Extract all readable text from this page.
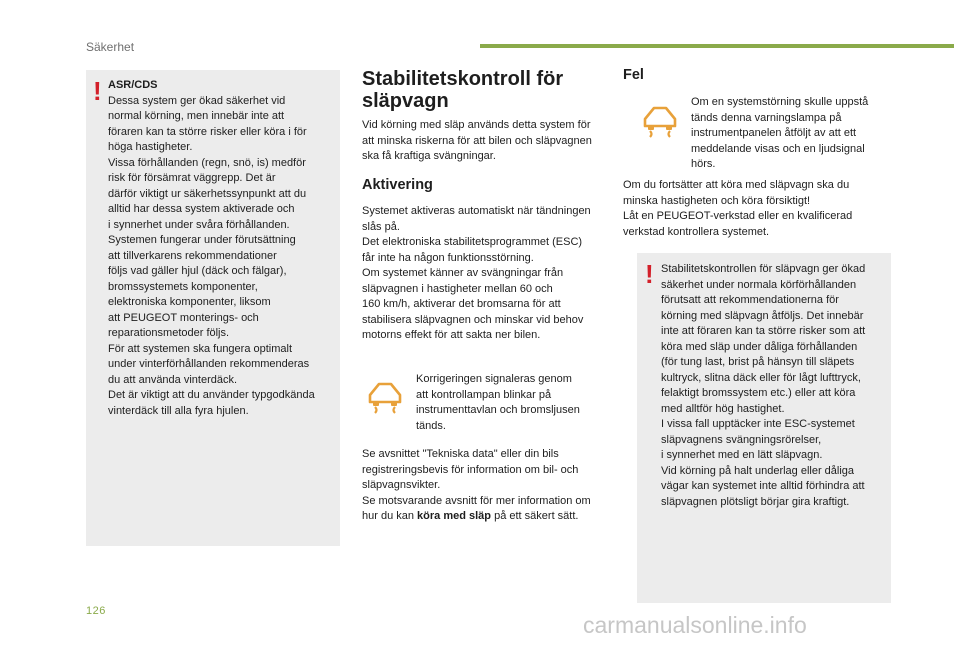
Säkerhet
! ASR/CDS
Dessa system ger ökad säkerhet vid
normal körning, men innebär inte att
föraren kan ta större risker eller köra i för
höga hastigheter.
Vissa förhållanden (regn, snö, is) medför
risk för försämrat väggrepp. Det är
därför viktigt ur säkerhetssynpunkt att du
alltid har dessa system aktiverade och
i synnerhet under svåra förhållanden.
Systemen fungerar under förutsättning
att tillverkarens rekommendationer
följs vad gäller hjul (däck och fälgar),
bromssystemets komponenter,
elektroniska komponenter, liksom
att PEUGEOT monterings- och
reparationsmetoder följs.
För att systemen ska fungera optimalt
under vinterförhållanden rekommenderas
du att använda vinterdäck.
Det är viktigt att du använder typgodkända
vinterdäck till alla fyra hjulen.
Stabilitetskontroll för
släpvagn
Vid körning med släp används detta system för
att minska riskerna för att bilen och släpvagnen
ska få kraftiga svängningar.
Aktivering
Systemet aktiveras automatiskt när tändningen
slås på.
Det elektroniska stabilitetsprogrammet (ESC)
får inte ha någon funktionsstörning.
Om systemet känner av svängningar från
släpvagnen i hastigheter mellan 60 och
160 km/h, aktiverar det bromsarna för att
stabilisera släpvagnen och minskar vid behov
motorns effekt för att sakta ner bilen.
Korrigeringen signaleras genom
att kontrollampan blinkar på
instrumenttavlan och bromsljusen
tänds.
Se avsnittet "Tekniska data" eller din bils
registreringsbevis för information om bil- och
släpvagnsvikter.
Se motsvarande avsnitt för mer information om
hur du kan köra med släp på ett säkert sätt.
Fel
Om en systemstörning skulle uppstå
tänds denna varningslampa på
instrumentpanelen åtföljt av att ett
meddelande visas och en ljudsignal
hörs.
Om du fortsätter att köra med släpvagn ska du
minska hastigheten och köra försiktigt!
Låt en PEUGEOT-verkstad eller en kvalificerad
verkstad kontrollera systemet.
! Stabilitetskontrollen för släpvagn ger ökad
säkerhet under normala körförhållanden
förutsatt att rekommendationerna för
körning med släpvagn åtföljs. Det innebär
inte att föraren kan ta större risker som att
köra med släp under dåliga förhållanden
(för tung last, brist på hänsyn till släpets
kultryck, slitna däck eller för lågt lufttryck,
felaktigt bromssystem etc.) eller att köra
med alltför hög hastighet.
I vissa fall upptäcker inte ESC-systemet
släpvagnens svängningsrörelser,
i synnerhet med en lätt släpvagn.
Vid körning på halt underlag eller dåliga
vägar kan systemet inte alltid förhindra att
släpvagnen plötsligt börjar gira kraftigt.
126
carmanualsonline.info
